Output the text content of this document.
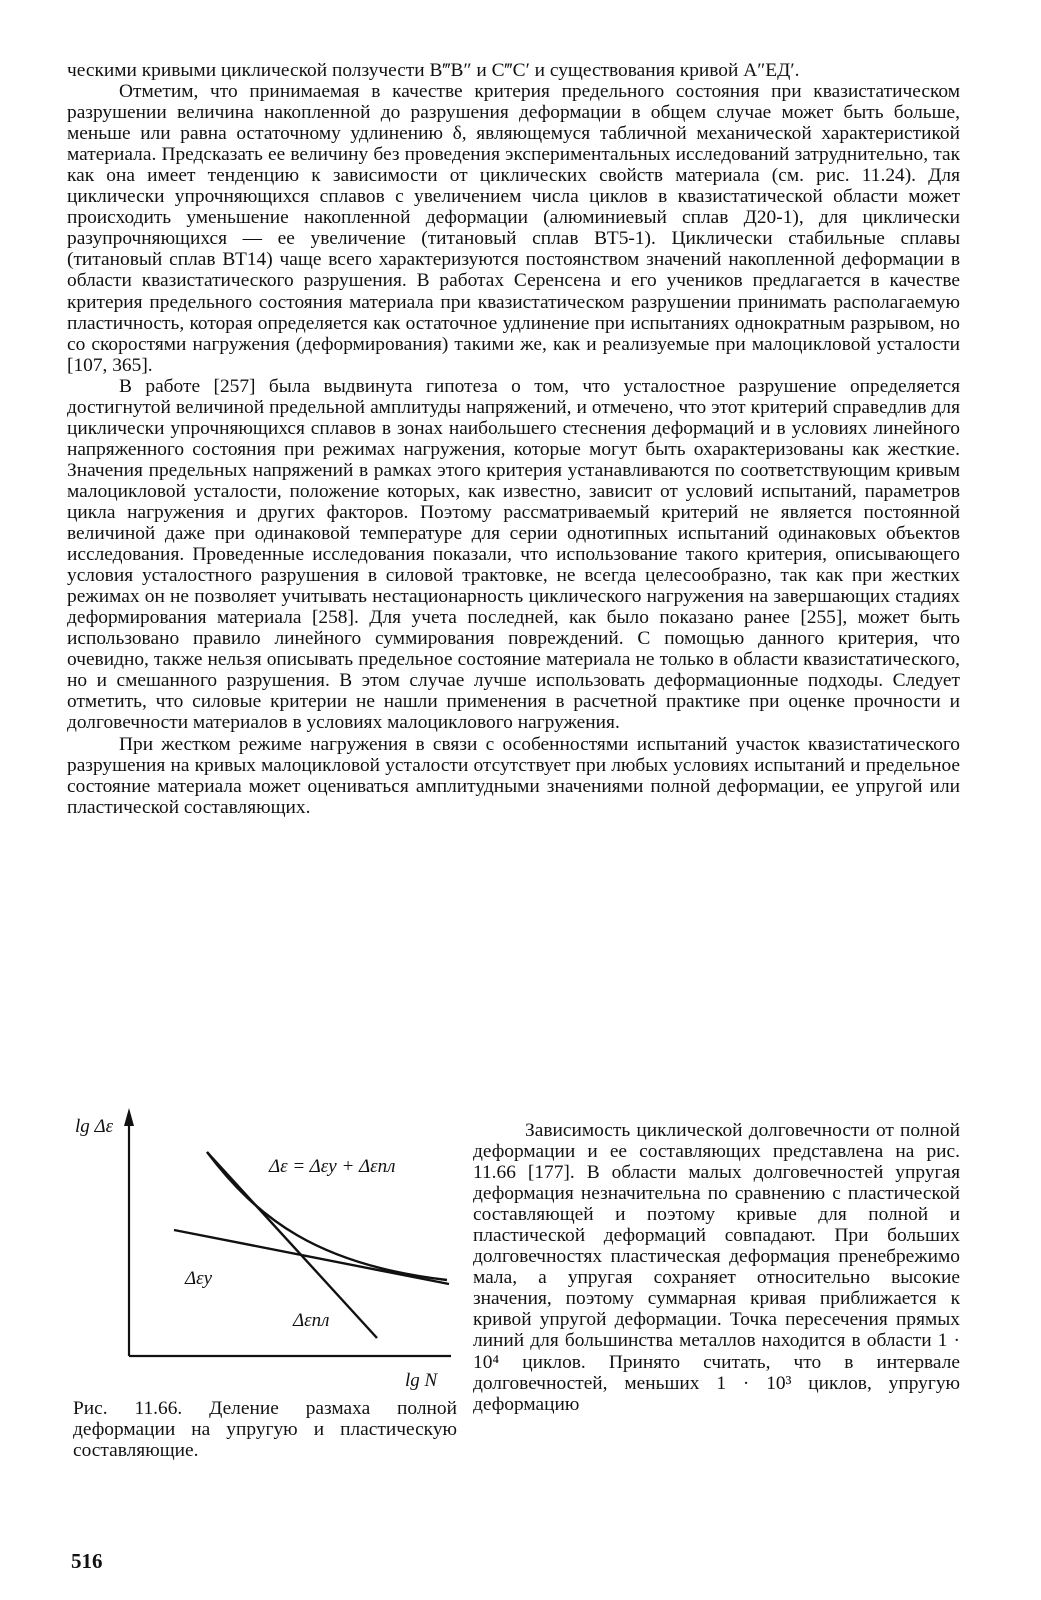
ческими кривыми циклической ползучести B‴B″ и C‴C′ и существования кривой A″ЕД′.

Отметим, что принимаемая в качестве критерия предельного состояния при квазистатическом разрушении величина накопленной до разрушения деформации в общем случае может быть больше, меньше или равна остаточному удлинению δ, являющемуся табличной механической характеристикой материала. Предсказать ее величину без проведения экспериментальных исследований затруднительно, так как она имеет тенденцию к зависимости от циклических свойств материала (см. рис. 11.24). Для циклически упрочняющихся сплавов с увеличением числа циклов в квазистатической области может происходить уменьшение накопленной деформации (алюминиевый сплав Д20-1), для циклически разупрочняющихся — ее увеличение (титановый сплав ВТ5-1). Циклически стабильные сплавы (титановый сплав ВТ14) чаще всего характеризуются постоянством значений накопленной деформации в области квазистатического разрушения. В работах Серенсена и его учеников предлагается в качестве критерия предельного состояния материала при квазистатическом разрушении принимать располагаемую пластичность, которая определяется как остаточное удлинение при испытаниях однократным разрывом, но со скоростями нагружения (деформирования) такими же, как и реализуемые при малоцикловой усталости [107, 365].

В работе [257] была выдвинута гипотеза о том, что усталостное разрушение определяется достигнутой величиной предельной амплитуды напряжений, и отмечено, что этот критерий справедлив для циклически упрочняющихся сплавов в зонах наибольшего стеснения деформаций и в условиях линейного напряженного состояния при режимах нагружения, которые могут быть охарактеризованы как жесткие. Значения предельных напряжений в рамках этого критерия устанавливаются по соответствующим кривым малоцикловой усталости, положение которых, как известно, зависит от условий испытаний, параметров цикла нагружения и других факторов. Поэтому рассматриваемый критерий не является постоянной величиной даже при одинаковой температуре для серии однотипных испытаний одинаковых объектов исследования. Проведенные исследования показали, что использование такого критерия, описывающего условия усталостного разрушения в силовой трактовке, не всегда целесообразно, так как при жестких режимах он не позволяет учитывать нестационарность циклического нагружения на завершающих стадиях деформирования материала [258]. Для учета последней, как было показано ранее [255], может быть использовано правило линейного суммирования повреждений. С помощью данного критерия, что очевидно, также нельзя описывать предельное состояние материала не только в области квазистатического, но и смешанного разрушения. В этом случае лучше использовать деформационные подходы. Следует отметить, что силовые критерии не нашли применения в расчетной практике при оценке прочности и долговечности материалов в условиях малоциклового нагружения.

При жестком режиме нагружения в связи с особенностями испытаний участок квазистатического разрушения на кривых малоцикловой усталости отсутствует при любых условиях испытаний и предельное состояние материала может оцениваться амплитудными значениями полной деформации, ее упругой или пластической составляющих.

lg Δε
lg N
Δε = Δεу + Δεпл
Δεу
Δεпл
Рис. 11.66. Деление размаха полной деформации на упругую и пластическую составляющие.

Зависимость циклической долговечности от полной деформации и ее составляющих представлена на рис. 11.66 [177]. В области малых долговечностей упругая деформация незначительна по сравнению с пластической составляющей и поэтому кривые для полной и пластической деформаций совпадают. При больших долговечностях пластическая деформация пренебрежимо мала, а упругая сохраняет относительно высокие значения, поэтому суммарная кривая приближается к кривой упругой деформации. Точка пересечения прямых линий для большинства металлов находится в области 1 · 10⁴ циклов. Принято считать, что в интервале долговечностей, меньших 1 · 10³ циклов, упругую деформацию

516
